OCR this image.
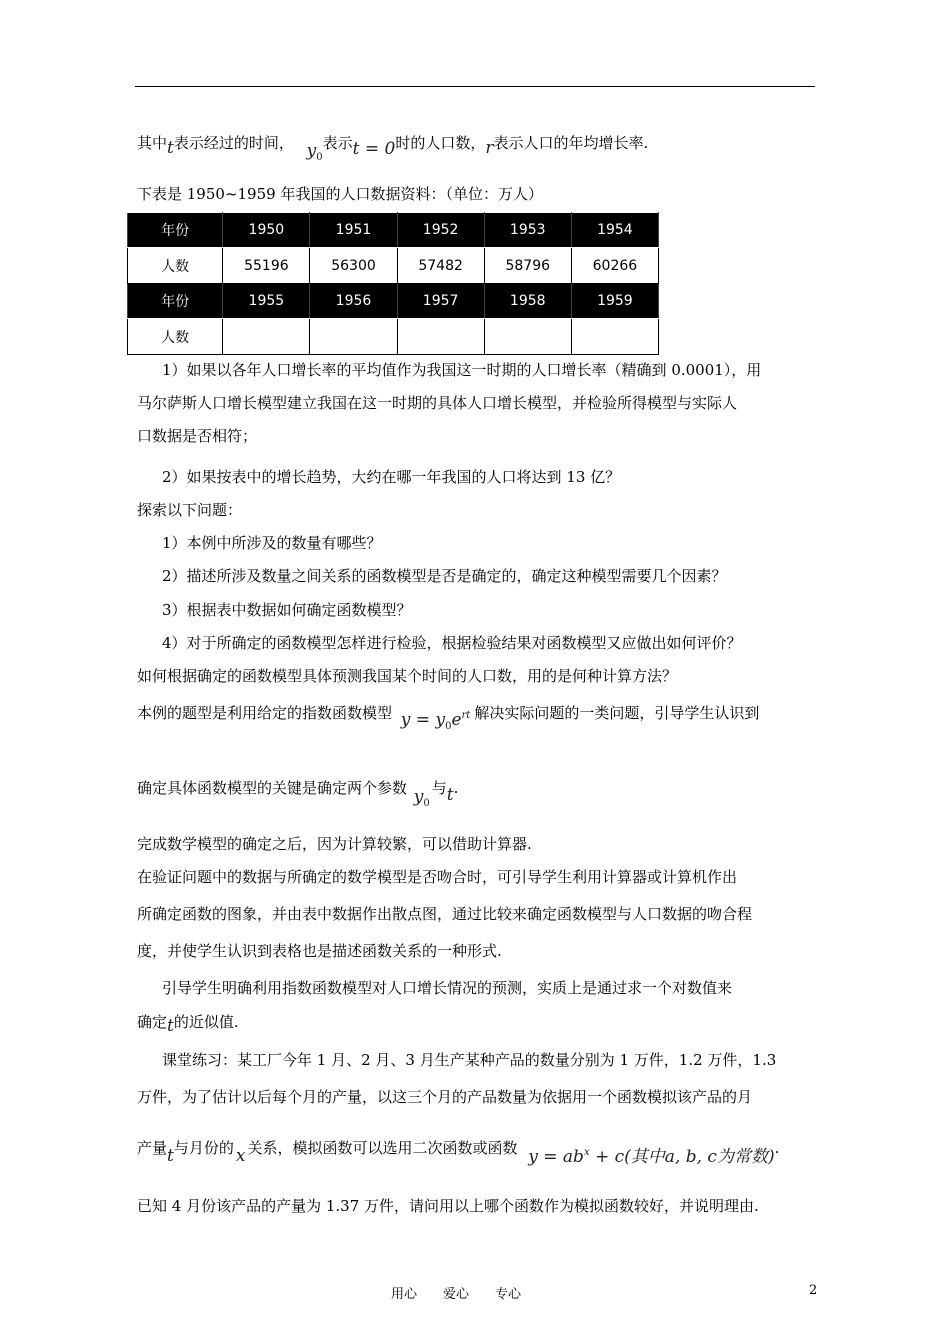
其中t表示经过的时间， $y_0$表示t = 0时的人口数，r表示人口的年均增长率.
下表是 1950~1959 年我国的人口数据资料：（单位：万人）
年份	1950	1951	1952	1953	1954
人数	55196	56300	57482	58796	60266
年份	1955	1956	1957	1958	1959
人数					
1）如果以各年人口增长率的平均值作为我国这一时期的人口增长率（精确到 0.0001），用
马尔萨斯人口增长模型建立我国在这一时期的具体人口增长模型，并检验所得模型与实际人
口数据是否相符；
2）如果按表中的增长趋势，大约在哪一年我国的人口将达到 13 亿？
探索以下问题：
1）本例中所涉及的数量有哪些？
2）描述所涉及数量之间关系的函数模型是否是确定的，确定这种模型需要几个因素？
3）根据表中数据如何确定函数模型？
4）对于所确定的函数模型怎样进行检验，根据检验结果对函数模型又应做出如何评价？
如何根据确定的函数模型具体预测我国某个时间的人口数，用的是何种计算方法？
本例的题型是利用给定的指数函数模型 $y = y_0e^{rt}$ 解决实际问题的一类问题，引导学生认识到
确定具体函数模型的关键是确定两个参数 $y_0$与t.
完成数学模型的确定之后，因为计算较繁，可以借助计算器.
在验证问题中的数据与所确定的数学模型是否吻合时，可引导学生利用计算器或计算机作出
所确定函数的图象，并由表中数据作出散点图，通过比较来确定函数模型与人口数据的吻合程
度，并使学生认识到表格也是描述函数关系的一种形式.
引导学生明确利用指数函数模型对人口增长情况的预测，实质上是通过求一个对数值来
确定t的近似值.
课堂练习：某工厂今年 1 月、2 月、3 月生产某种产品的数量分别为 1 万件，1.2 万件，1.3
万件，为了估计以后每个月的产量，以这三个月的产品数量为依据用一个函数模拟该产品的月
产量t与月份的 x 关系，模拟函数可以选用二次函数或函数 $y = ab^x + c$(其中a, b, c为常数).
已知 4 月份该产品的产量为 1.37 万件，请问用以上哪个函数作为模拟函数较好，并说明理由.
用心 爱心 专心	2
